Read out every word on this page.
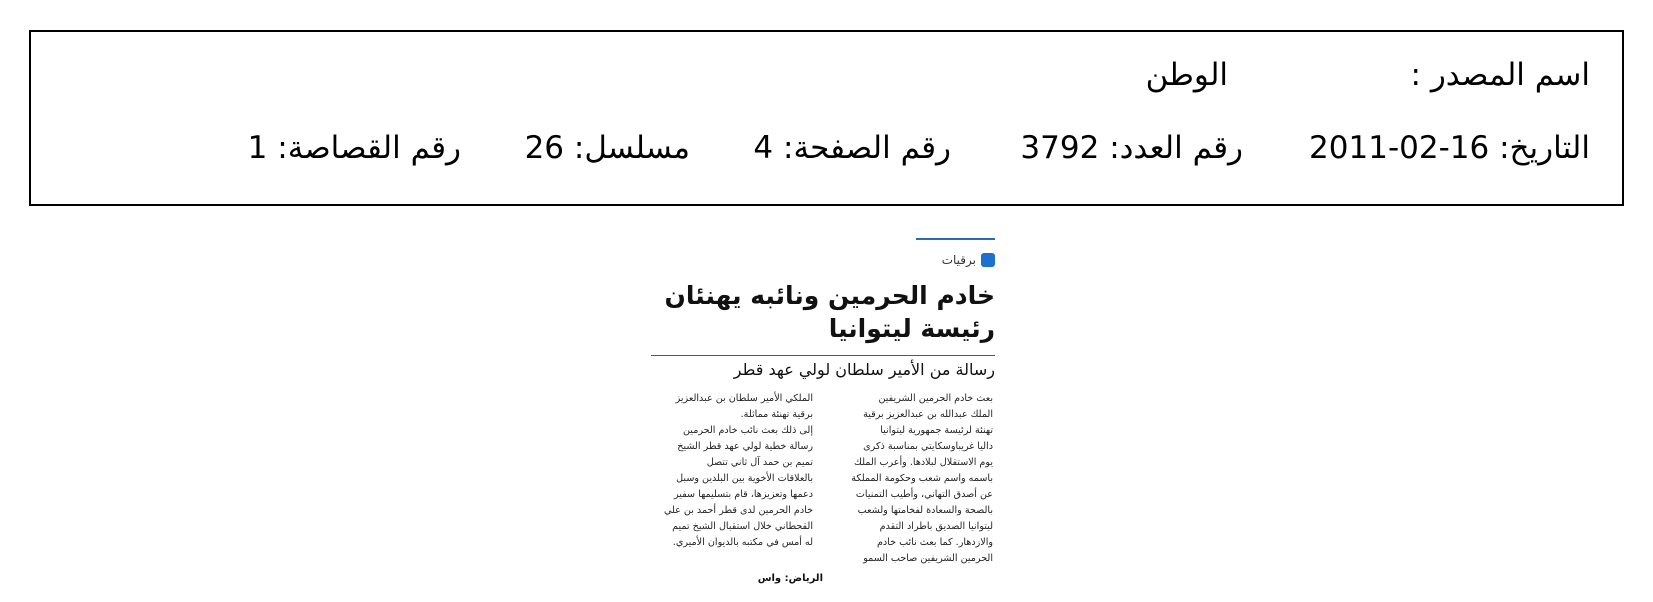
اسم المصدر :
الوطن
التاريخ: 2011-02-16
رقم العدد: 3792
رقم الصفحة: 4
مسلسل: 26
رقم القصاصة: 1
برقيات
خادم الحرمين ونائبه يهنئان
رئيسة ليتوانيا
رسالة من الأمير سلطان لولي عهد قطر
بعث خادم الحرمين الشريفين
الملك عبدالله بن عبدالعزيز برقية
تهنئة لرئيسة جمهورية ليتوانيا
داليا غريباوسكايتي بمناسبة ذكرى
يوم الاستقلال لبلادها. وأعرب الملك
باسمه واسم شعب وحكومة المملكة
عن أصدق التهاني، وأطيب التمنيات
بالصحة والسعادة لفخامتها ولشعب
ليتوانيا الصديق باطراد التقدم
والازدهار. كما بعث نائب خادم
الحرمين الشريفين صاحب السمو
الملكي الأمير سلطان بن عبدالعزيز
برقية تهنئة مماثلة.
إلى ذلك بعث نائب خادم الحرمين
رسالة خطية لولي عهد قطر الشيخ
تميم بن حمد آل ثاني تتصل
بالعلاقات الأخوية بين البلدين وسبل
دعمها وتعزيزها، قام بتسليمها سفير
خادم الحرمين لدى قطر أحمد بن علي
القحطاني خلال استقبال الشيخ تميم
له أمس في مكتبه بالديوان الأميري.
الرياض: واس
